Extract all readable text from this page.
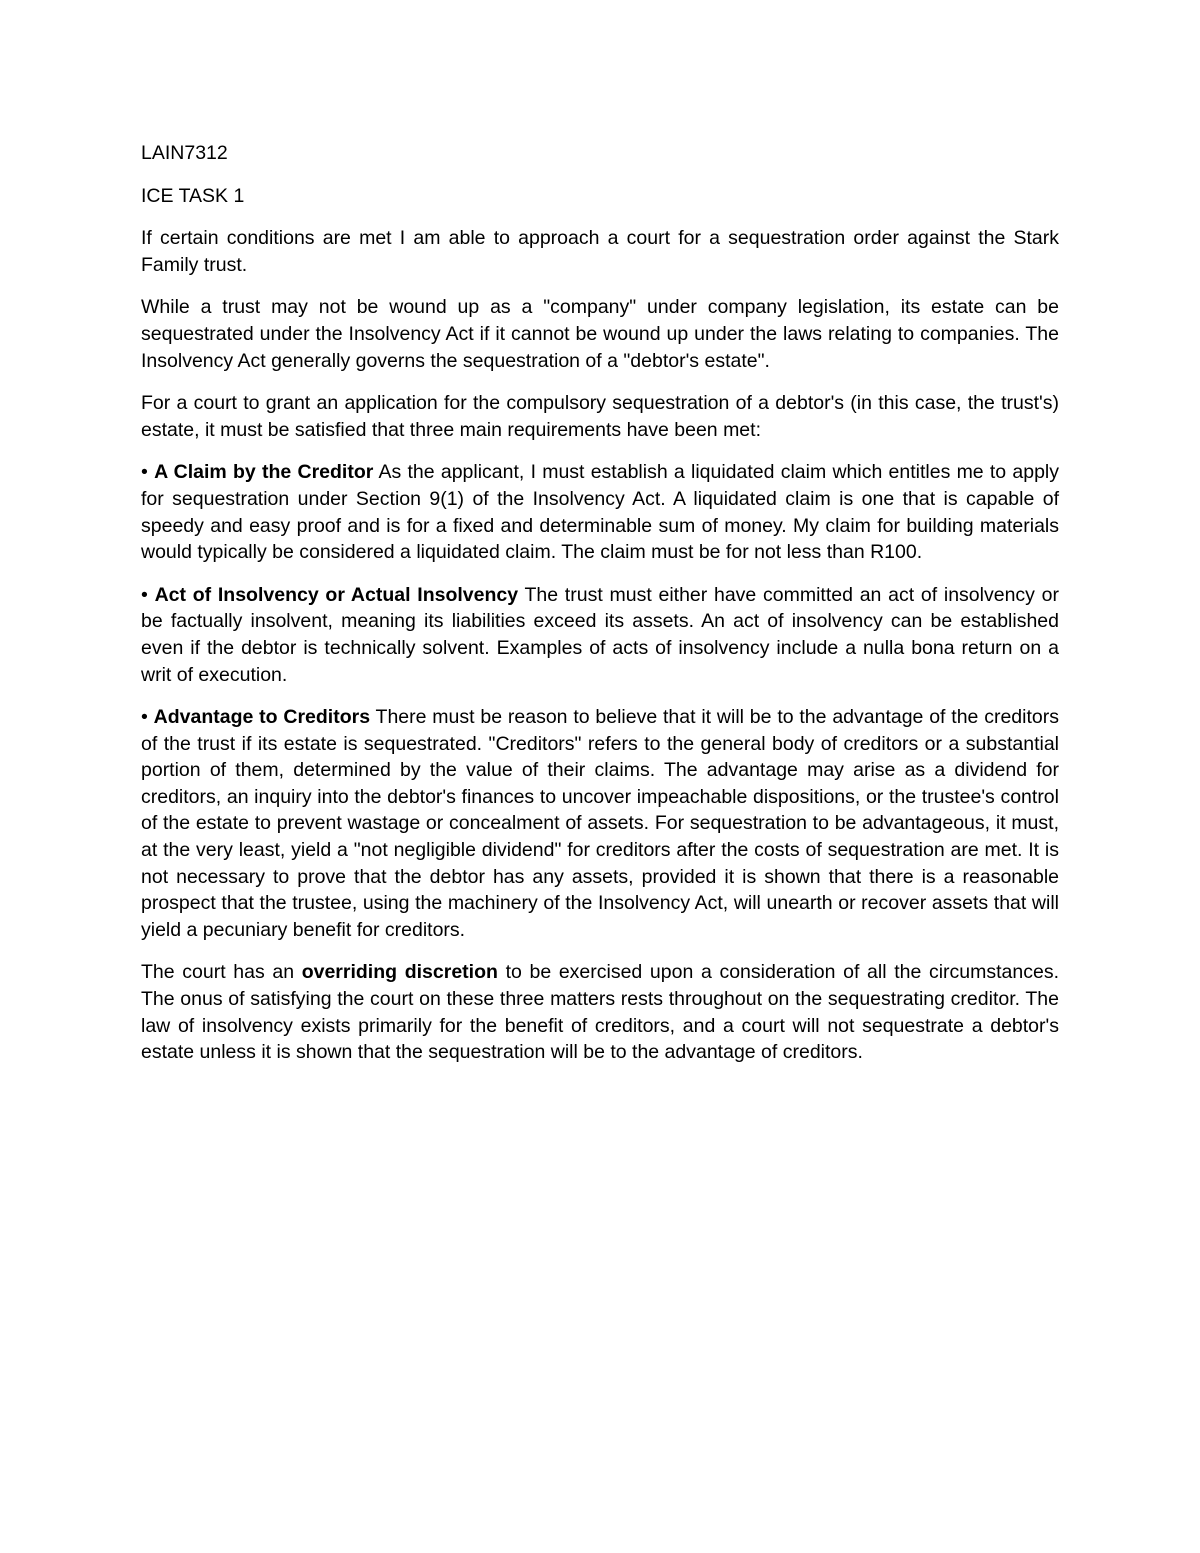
LAIN7312
ICE TASK 1

If certain conditions are met I am able to approach a court for a sequestration order against the Stark Family trust.

While a trust may not be wound up as a "company" under company legislation, its estate can be sequestrated under the Insolvency Act if it cannot be wound up under the laws relating to companies. The Insolvency Act generally governs the sequestration of a "debtor's estate".

For a court to grant an application for the compulsory sequestration of a debtor's (in this case, the trust's) estate, it must be satisfied that three main requirements have been met:

• A Claim by the Creditor As the applicant, I must establish a liquidated claim which entitles me to apply for sequestration under Section 9(1) of the Insolvency Act. A liquidated claim is one that is capable of speedy and easy proof and is for a fixed and determinable sum of money. My claim for building materials would typically be considered a liquidated claim. The claim must be for not less than R100.

• Act of Insolvency or Actual Insolvency The trust must either have committed an act of insolvency or be factually insolvent, meaning its liabilities exceed its assets. An act of insolvency can be established even if the debtor is technically solvent. Examples of acts of insolvency include a nulla bona return on a writ of execution.

• Advantage to Creditors There must be reason to believe that it will be to the advantage of the creditors of the trust if its estate is sequestrated. "Creditors" refers to the general body of creditors or a substantial portion of them, determined by the value of their claims. The advantage may arise as a dividend for creditors, an inquiry into the debtor's finances to uncover impeachable dispositions, or the trustee's control of the estate to prevent wastage or concealment of assets. For sequestration to be advantageous, it must, at the very least, yield a "not negligible dividend" for creditors after the costs of sequestration are met. It is not necessary to prove that the debtor has any assets, provided it is shown that there is a reasonable prospect that the trustee, using the machinery of the Insolvency Act, will unearth or recover assets that will yield a pecuniary benefit for creditors.

The court has an overriding discretion to be exercised upon a consideration of all the circumstances. The onus of satisfying the court on these three matters rests throughout on the sequestrating creditor. The law of insolvency exists primarily for the benefit of creditors, and a court will not sequestrate a debtor's estate unless it is shown that the sequestration will be to the advantage of creditors.
